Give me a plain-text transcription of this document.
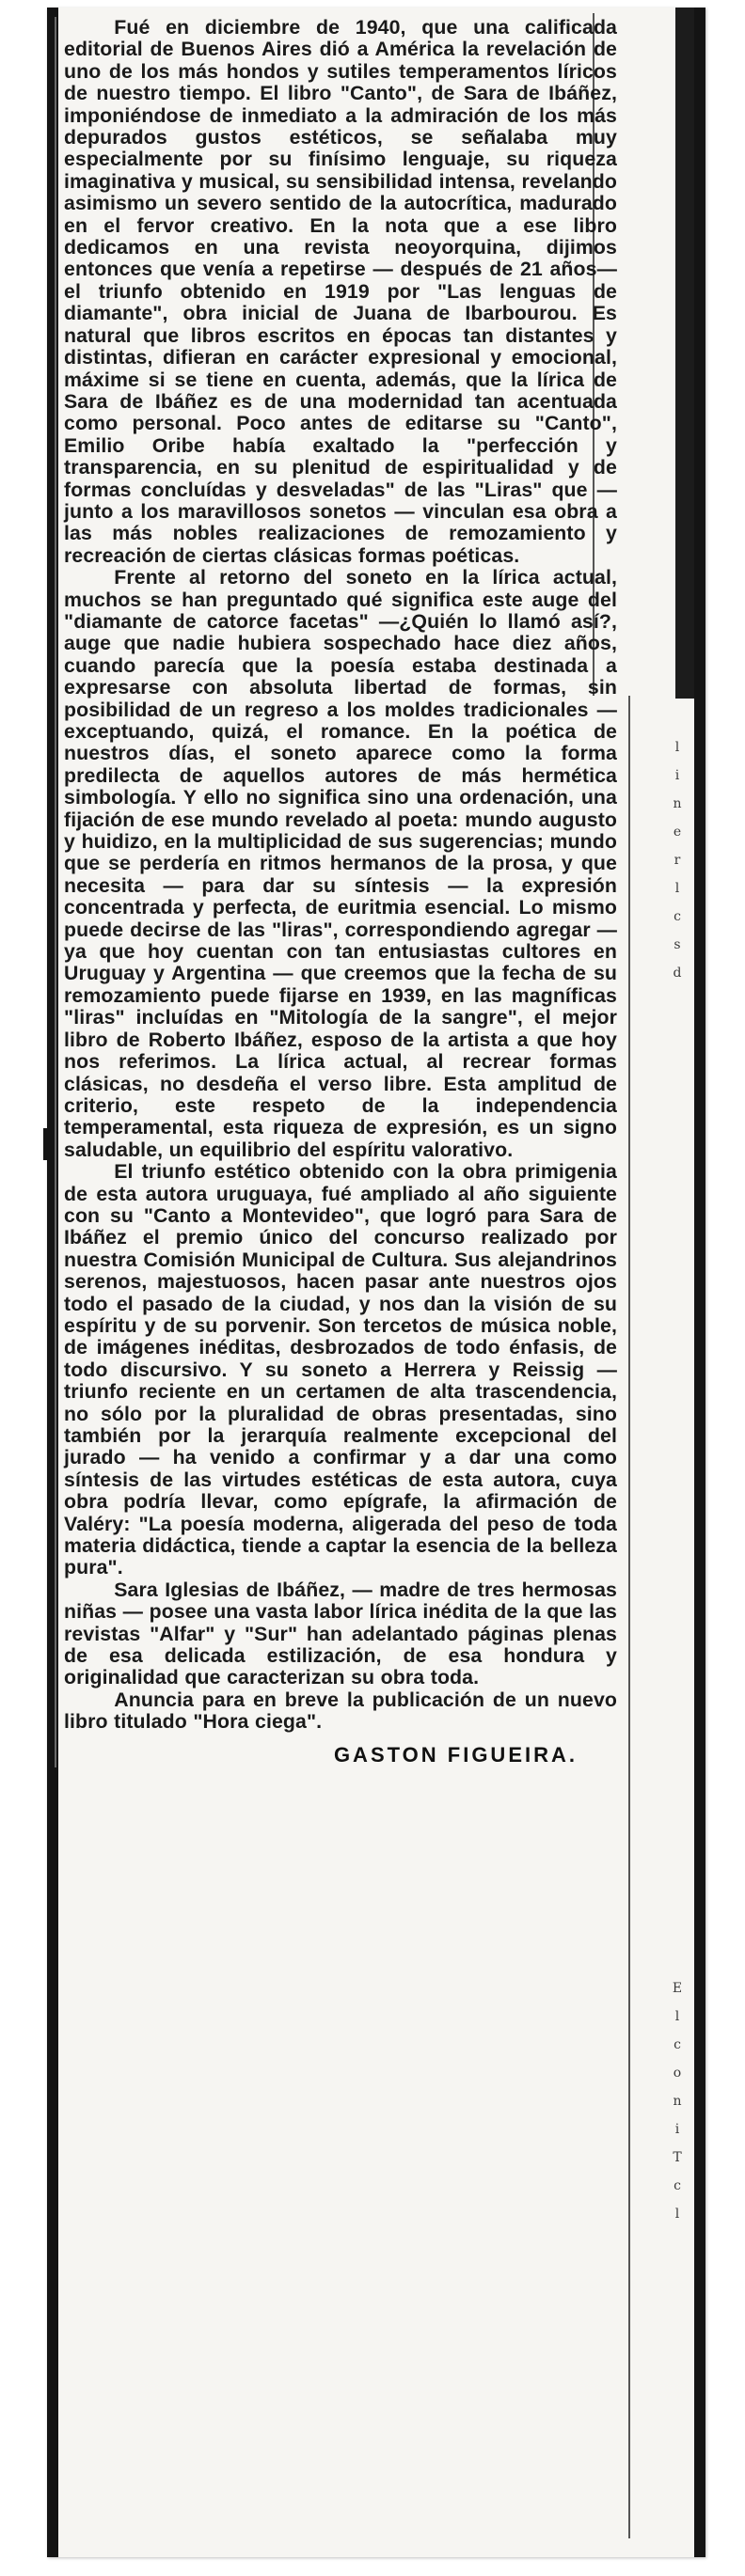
l
i
n
e
r
l
c
s
d
E
l
c
o
n
i
T
c
l

Fué en diciembre de 1940, que una calificada editorial de Buenos Aires dió a América la revelación de uno de los más hondos y sutiles temperamentos líricos de nuestro tiempo. El libro "Canto", de Sara de Ibáñez, imponiéndose de inmediato a la admiración de los más depurados gustos estéticos, se señalaba muy especialmente por su finísimo lenguaje, su riqueza imaginativa y musical, su sensibilidad intensa, revelando asimismo un severo sentido de la autocrítica, madurado en el fervor creativo. En la nota que a ese libro dedicamos en una revista neoyorquina, dijimos entonces que venía a repetirse — después de 21 años— el triunfo obtenido en 1919 por "Las lenguas de diamante", obra inicial de Juana de Ibarbourou. Es natural que libros escritos en épocas tan distantes y distintas, difieran en carácter expresional y emocional, máxime si se tiene en cuenta, además, que la lírica de Sara de Ibáñez es de una modernidad tan acentuada como personal. Poco antes de editarse su "Canto", Emilio Oribe había exaltado la "perfección y transparencia, en su plenitud de espiritualidad y de formas concluídas y desveladas" de las "Liras" que — junto a los maravillosos sonetos — vinculan esa obra a las más nobles realizaciones de remozamiento y recreación de ciertas clásicas formas poéticas.

Frente al retorno del soneto en la lírica actual, muchos se han preguntado qué significa este auge del "diamante de catorce facetas" —¿Quién lo llamó así?, auge que nadie hubiera sospechado hace diez años, cuando parecía que la poesía estaba destinada a expresarse con absoluta libertad de formas, sin posibilidad de un regreso a los moldes tradicionales — exceptuando, quizá, el romance. En la poética de nuestros días, el soneto aparece como la forma predilecta de aquellos autores de más hermética simbología. Y ello no significa sino una ordenación, una fijación de ese mundo revelado al poeta: mundo augusto y huidizo, en la multiplicidad de sus sugerencias; mundo que se perdería en ritmos hermanos de la prosa, y que necesita — para dar su síntesis — la expresión concentrada y perfecta, de euritmia esencial. Lo mismo puede decirse de las "liras", correspondiendo agregar — ya que hoy cuentan con tan entusiastas cultores en Uruguay y Argentina — que creemos que la fecha de su remozamiento puede fijarse en 1939, en las magníficas "liras" incluídas en "Mitología de la sangre", el mejor libro de Roberto Ibáñez, esposo de la artista a que hoy nos referimos. La lírica actual, al recrear formas clásicas, no desdeña el verso libre. Esta amplitud de criterio, este respeto de la independencia temperamental, esta riqueza de expresión, es un signo saludable, un equilibrio del espíritu valorativo.

El triunfo estético obtenido con la obra primigenia de esta autora uruguaya, fué ampliado al año siguiente con su "Canto a Montevideo", que logró para Sara de Ibáñez el premio único del concurso realizado por nuestra Comisión Municipal de Cultura. Sus alejandrinos serenos, majestuosos, hacen pasar ante nuestros ojos todo el pasado de la ciudad, y nos dan la visión de su espíritu y de su porvenir. Son tercetos de música noble, de imágenes inéditas, desbrozados de todo énfasis, de todo discursivo. Y su soneto a Herrera y Reissig — triunfo reciente en un certamen de alta trascendencia, no sólo por la pluralidad de obras presentadas, sino también por la jerarquía realmente excepcional del jurado — ha venido a confirmar y a dar una como síntesis de las virtudes estéticas de esta autora, cuya obra podría llevar, como epígrafe, la afirmación de Valéry: "La poesía moderna, aligerada del peso de toda materia didáctica, tiende a captar la esencia de la belleza pura".

Sara Iglesias de Ibáñez, — madre de tres hermosas niñas — posee una vasta labor lírica inédita de la que las revistas "Alfar" y "Sur" han adelantado páginas plenas de esa delicada estilización, de esa hondura y originalidad que caracterizan su obra toda.

Anuncia para en breve la publicación de un nuevo libro titulado "Hora ciega".

GASTON FIGUEIRA.
